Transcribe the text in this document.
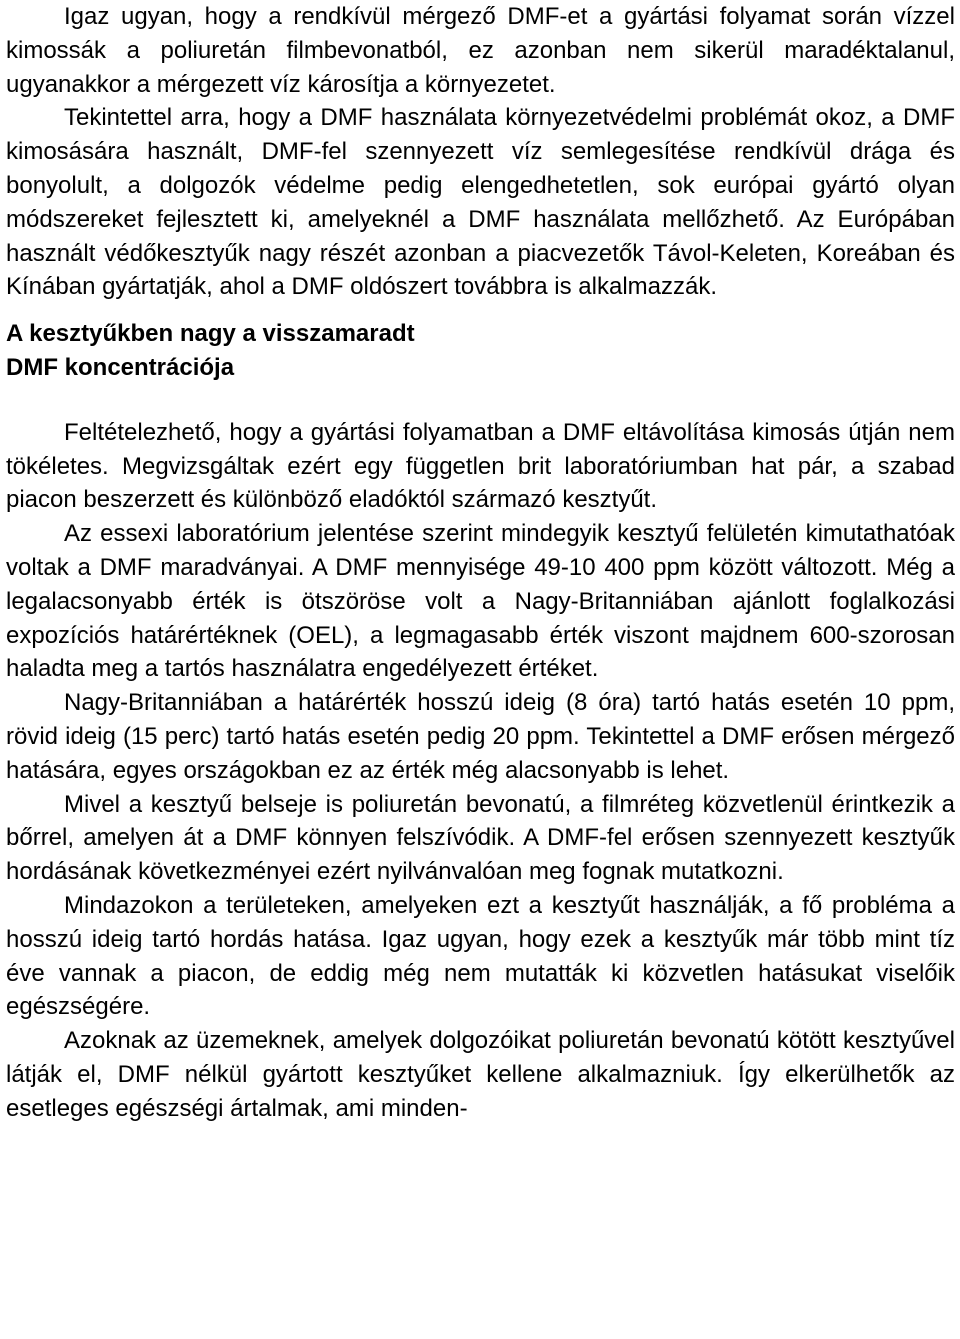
Igaz ugyan, hogy a rendkívül mérgező DMF-et a gyártási folyamat során vízzel kimossák a poliuretán filmbevonatból, ez azonban nem sikerül maradéktalanul, ugyanakkor a mérgezett víz károsítja a környezetet.

Tekintettel arra, hogy a DMF használata környezetvédelmi problémát okoz, a DMF kimosására használt, DMF-fel szennyezett víz semlegesítése rendkívül drága és bonyolult, a dolgozók védelme pedig elengedhetetlen, sok európai gyártó olyan módszereket fejlesztett ki, amelyeknél a DMF használata mellőzhető. Az Európában használt védőkesztyűk nagy részét azonban a piacvezetők Távol-Keleten, Koreában és Kínában gyártatják, ahol a DMF oldószert továbbra is alkalmazzák.

A kesztyűkben nagy a visszamaradt
DMF koncentrációja

Feltételezhető, hogy a gyártási folyamatban a DMF eltávolítása kimosás útján nem tökéletes. Megvizsgáltak ezért egy független brit laboratóriumban hat pár, a szabad piacon beszerzett és különböző eladóktól származó kesztyűt.

Az essexi laboratórium jelentése szerint mindegyik kesztyű felületén kimutathatóak voltak a DMF maradványai. A DMF mennyisége 49-10 400 ppm között változott. Még a legalacsonyabb érték is ötszöröse volt a Nagy-Britanniában ajánlott foglalkozási expozíciós határértéknek (OEL), a legmagasabb érték viszont majdnem 600-szorosan haladta meg a tartós használatra engedélyezett értéket.

Nagy-Britanniában a határérték hosszú ideig (8 óra) tartó hatás esetén 10 ppm, rövid ideig (15 perc) tartó hatás esetén pedig 20 ppm. Tekintettel a DMF erősen mérgező hatására, egyes országokban ez az érték még alacsonyabb is lehet.

Mivel a kesztyű belseje is poliuretán bevonatú, a filmréteg közvetlenül érintkezik a bőrrel, amelyen át a DMF könnyen felszívódik. A DMF-fel erősen szennyezett kesztyűk hordásának következményei ezért nyilvánvalóan meg fognak mutatkozni.

Mindazokon a területeken, amelyeken ezt a kesztyűt használják, a fő probléma a hosszú ideig tartó hordás hatása. Igaz ugyan, hogy ezek a kesztyűk már több mint tíz éve vannak a piacon, de eddig még nem mutatták ki közvetlen hatásukat viselőik egészségére.

Azoknak az üzemeknek, amelyek dolgozóikat poliuretán bevonatú kötött kesztyűvel látják el, DMF nélkül gyártott kesztyűket kellene alkalmazniuk. Így elkerülhetők az esetleges egészségi ártalmak, ami minden-
